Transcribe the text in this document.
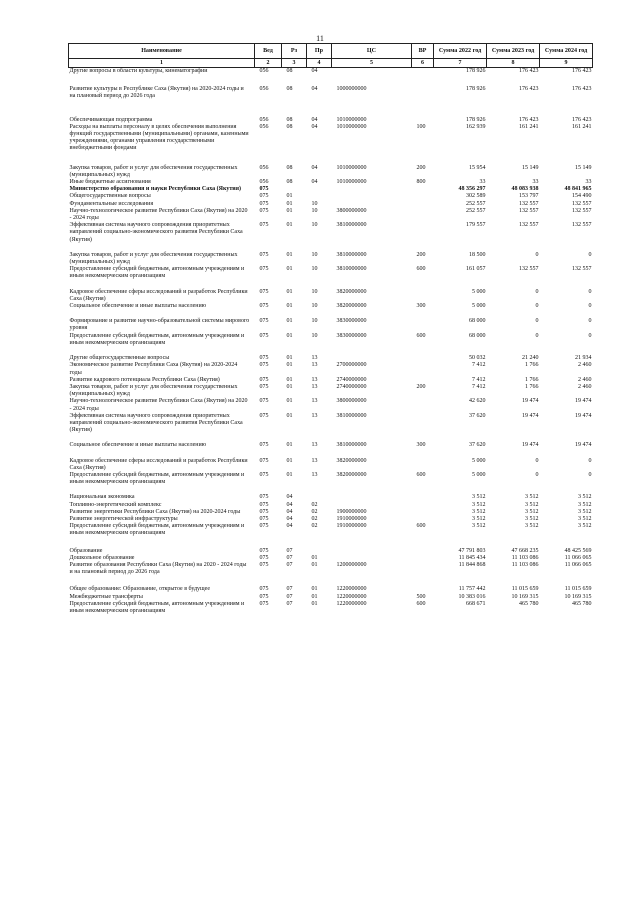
11
Наименование	Вед	Рз	Пр	ЦС	ВР	Сумма 2022 год	Сумма 2023 год	Сумма 2024 год
1	2	3	4	5	6	7	8	9
Другие вопросы в области культуры, кинематографии	056	08	04			178 926	176 423	176 423

Развитие культуры в Республике Саха (Якутия) на 2020-2024 годы и на плановый период до 2026 года	056	08	04	1000000000		178 926	176 423	176 423

Обеспечивающая подпрограмма	056	08	04	1010000000		178 926	176 423	176 423
Расходы на выплаты персоналу в целях обеспечения выполнения функций государственными (муниципальными) органами, казенными учреждениями, органами управления государственными внебюджетными фондами	056	08	04	1010000000	100	162 939	161 241	161 241

Закупка товаров, работ и услуг для обеспечения государственных (муниципальных) нужд	056	08	04	1010000000	200	15 954	15 149	15 149
Иные бюджетные ассигнования	056	08	04	1010000000	800	33	33	33
Министерство образования и науки Республики Саха (Якутия)	075					48 356 297	48 083 938	48 841 965
Общегосударственные вопросы	075	01				302 589	153 797	154 490
Фундаментальные исследования	075	01	10			252 557	132 557	132 557
Научно-технологическое развитие Республики Саха (Якутия) на 2020 - 2024 годы	075	01	10	3800000000		252 557	132 557	132 557
Эффективная система научного сопровождения приоритетных направлений социально-экономического развития Республики Саха (Якутия)	075	01	10	3810000000		179 557	132 557	132 557

Закупка товаров, работ и услуг для обеспечения государственных (муниципальных) нужд	075	01	10	3810000000	200	18 500	0	0
Предоставление субсидий бюджетным, автономным учреждениям и иным некоммерческим организациям	075	01	10	3810000000	600	161 057	132 557	132 557

Кадровое обеспечение сферы исследований и разработок Республики Саха (Якутия)	075	01	10	3820000000		5 000	0	0
Социальное обеспечение и иные выплаты населению	075	01	10	3820000000	300	5 000	0	0

Формирование и развитие научно-образовательной системы мирового уровня	075	01	10	3830000000		68 000	0	0
Предоставление субсидий бюджетным, автономным учреждениям и иным некоммерческим организациям	075	01	10	3830000000	600	68 000	0	0

Другие общегосударственные вопросы	075	01	13			50 032	21 240	21 934
Экономическое развитие Республики Саха (Якутия) на 2020-2024 годы	075	01	13	2700000000		7 412	1 766	2 460
Развитие кадрового потенциала Республики Саха (Якутия)	075	01	13	2740000000		7 412	1 766	2 460
Закупка товаров, работ и услуг для обеспечения государственных (муниципальных) нужд	075	01	13	2740000000	200	7 412	1 766	2 460
Научно-технологическое развитие Республики Саха (Якутия) на 2020 - 2024 годы	075	01	13	3800000000		42 620	19 474	19 474
Эффективная система научного сопровождения приоритетных направлений социально-экономического развития Республики Саха (Якутия)	075	01	13	3810000000		37 620	19 474	19 474

Социальное обеспечение и иные выплаты населению	075	01	13	3810000000	300	37 620	19 474	19 474

Кадровое обеспечение сферы исследований и разработок Республики Саха (Якутия)	075	01	13	3820000000		5 000	0	0
Предоставление субсидий бюджетным, автономным учреждениям и иным некоммерческим организациям	075	01	13	3820000000	600	5 000	0	0

Национальная экономика	075	04				3 512	3 512	3 512
Топливно-энергетический комплекс	075	04	02			3 512	3 512	3 512
Развитие энергетики Республики Саха (Якутия) на 2020-2024 годы	075	04	02	1900000000		3 512	3 512	3 512
Развитие энергетической инфраструктуры	075	04	02	1910000000		3 512	3 512	3 512
Предоставление субсидий бюджетным, автономным учреждениям и иным некоммерческим организациям	075	04	02	1910000000	600	3 512	3 512	3 512

Образование	075	07				47 791 803	47 668 235	48 425 569
Дошкольное образование	075	07	01			11 845 434	11 103 086	11 066 065
Развитие образования Республики Саха (Якутия) на 2020 - 2024 годы и на плановый период до 2026 года	075	07	01	1200000000		11 844 868	11 103 086	11 066 065

Общее образование: Образование, открытое в будущее	075	07	01	1220000000		11 757 442	11 015 659	11 015 659
Межбюджетные трансферты	075	07	01	1220000000	500	10 383 016	10 169 315	10 169 315
Предоставление субсидий бюджетным, автономным учреждениям и иным некоммерческим организациям	075	07	01	1220000000	600	668 671	465 780	465 780
